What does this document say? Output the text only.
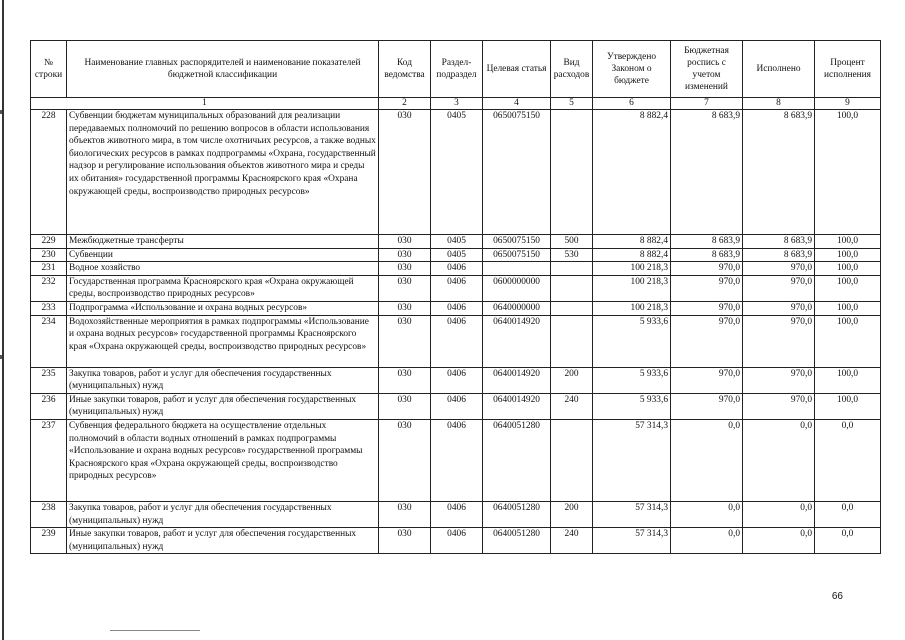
№ строки	Наименование главных распорядителей и наименование показателей бюджетной классификации	Код ведомства	Раздел-подраздел	Целевая статья	Вид расходов	Утверждено Законом о бюджете	Бюджетная роспись с учетом изменений	Исполнено	Процент исполнения
1		2	3	4	5	6	7	8	9
228	Субвенции бюджетам муниципальных образований для реализации передаваемых полномочий по решению вопросов в области использования объектов животного мира, в том числе охотничьих ресурсов, а также водных биологических ресурсов в рамках подпрограммы «Охрана, государственный надзор и регулирование использования объектов животного мира и среды их обитания» государственной программы Красноярского края «Охрана окружающей среды, воспроизводство природных ресурсов»	030	0405	0650075150		8 882,4	8 683,9	8 683,9	100,0
229	Межбюджетные трансферты	030	0405	0650075150	500	8 882,4	8 683,9	8 683,9	100,0
230	Субвенции	030	0405	0650075150	530	8 882,4	8 683,9	8 683,9	100,0
231	Водное хозяйство	030	0406			100 218,3	970,0	970,0	100,0
232	Государственная программа Красноярского края «Охрана окружающей среды, воспроизводство природных ресурсов»	030	0406	0600000000		100 218,3	970,0	970,0	100,0
233	Подпрограмма «Использование и охрана водных ресурсов»	030	0406	0640000000		100 218,3	970,0	970,0	100,0
234	Водохозяйственные мероприятия в рамках подпрограммы «Использование и охрана водных ресурсов» государственной программы Красноярского края «Охрана окружающей среды, воспроизводство природных ресурсов»	030	0406	0640014920		5 933,6	970,0	970,0	100,0
235	Закупка товаров, работ и услуг для обеспечения государственных (муниципальных) нужд	030	0406	0640014920	200	5 933,6	970,0	970,0	100,0
236	Иные закупки товаров, работ и услуг для обеспечения государственных (муниципальных) нужд	030	0406	0640014920	240	5 933,6	970,0	970,0	100,0
237	Субвенция федерального бюджета на осуществление отдельных полномочий в области водных отношений в рамках подпрограммы «Использование и охрана водных ресурсов» государственной программы Красноярского края «Охрана окружающей среды, воспроизводство природных ресурсов»	030	0406	0640051280		57 314,3	0,0	0,0	0,0
238	Закупка товаров, работ и услуг для обеспечения государственных (муниципальных) нужд	030	0406	0640051280	200	57 314,3	0,0	0,0	0,0
239	Иные закупки товаров, работ и услуг для обеспечения государственных (муниципальных) нужд	030	0406	0640051280	240	57 314,3	0,0	0,0	0,0
66
